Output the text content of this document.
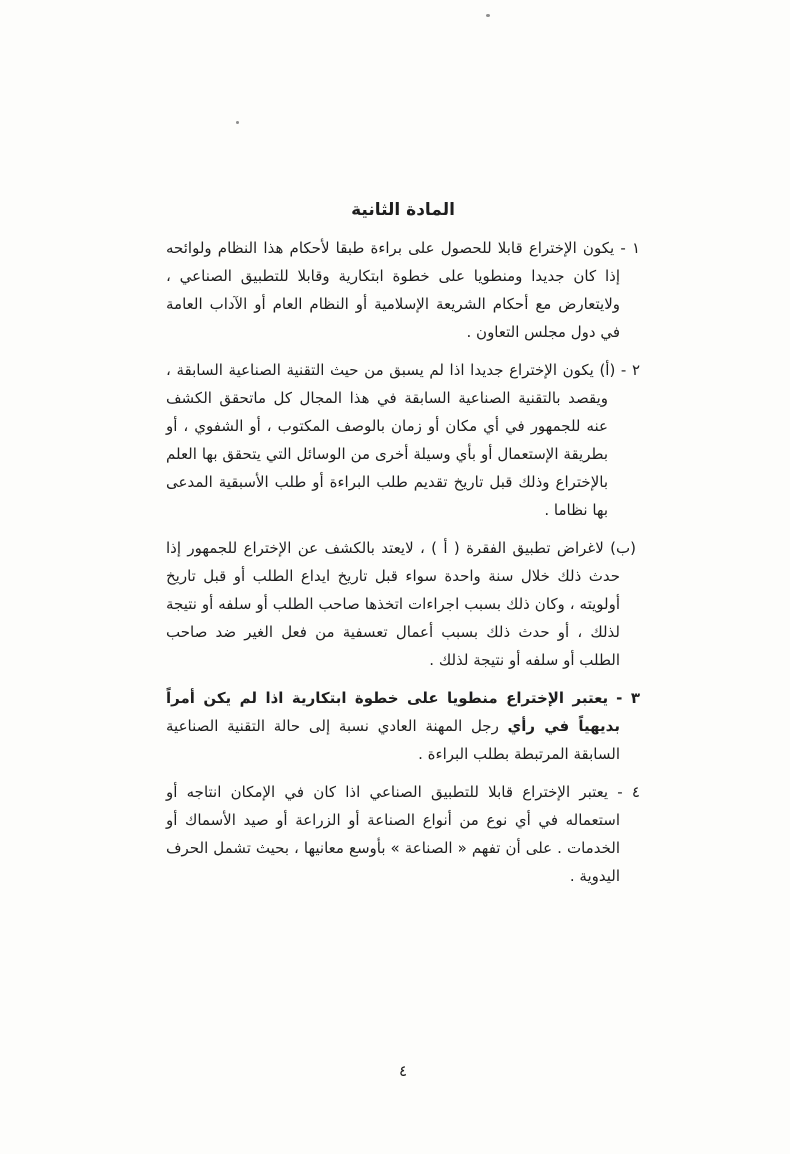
المادة الثانية

١ - يكون الإختراع قابلا للحصول على براءة طبقا لأحكام هذا النظام ولوائحه إذا كان جديدا ومنطويا على خطوة ابتكارية وقابلا للتطبيق الصناعي ، ولايتعارض مع أحكام الشريعة الإسلامية أو النظام العام أو الآداب العامة في دول مجلس التعاون .

٢ - (أ) يكون الإختراع جديدا اذا لم يسبق من حيث التقنية الصناعية السابقة ، ويقصد بالتقنية الصناعية السابقة في هذا المجال كل ماتحقق الكشف عنه للجمهور في أي مكان أو زمان بالوصف المكتوب ، أو الشفوي ، أو بطريقة الإستعمال أو بأي وسيلة أخرى من الوسائل التي يتحقق بها العلم بالإختراع وذلك قبل تاريخ تقديم طلب البراءة أو طلب الأسبقية المدعى بها نظاما .

(ب) لاغراض تطبيق الفقرة ( أ ) ، لايعتد بالكشف عن الإختراع للجمهور إذا حدث ذلك خلال سنة واحدة سواء قبل تاريخ ايداع الطلب أو قبل تاريخ أولويته ، وكان ذلك بسبب اجراءات اتخذها صاحب الطلب أو سلفه أو نتيجة لذلك ، أو حدث ذلك بسبب أعمال تعسفية من فعل الغير ضد صاحب الطلب أو سلفه أو نتيجة لذلك .

٣ - يعتبر الإختراع منطويا على خطوة ابتكارية اذا لم يكن أمراً بديهياً في رأي رجل المهنة العادي نسبة إلى حالة التقنية الصناعية السابقة المرتبطة بطلب البراءة .

٤ - يعتبر الإختراع قابلا للتطبيق الصناعي اذا كان في الإمكان انتاجه أو استعماله في أي نوع من أنواع الصناعة أو الزراعة أو صيد الأسماك أو الخدمات . على أن تفهم « الصناعة » بأوسع معانيها ، بحيث تشمل الحرف اليدوية .

٤
